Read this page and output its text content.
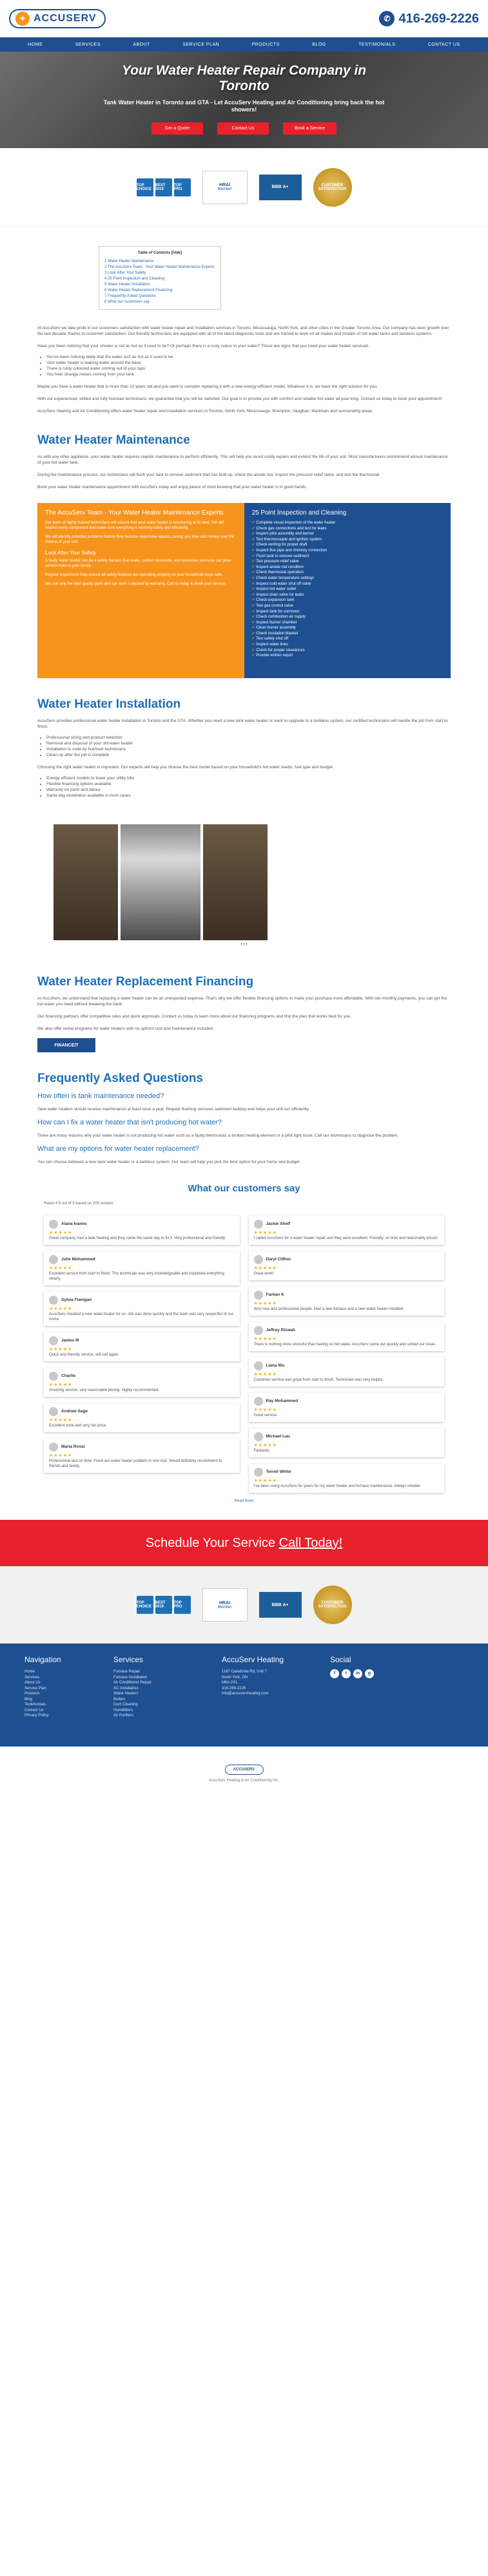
✦ ACCUSERV	✆ 416-269-2226
HOME	SERVICES	ABOUT	SERVICE PLAN	PRODUCTS	BLOG	TESTIMONIALS	CONTACT US
Your Water Heater Repair Company in Toronto

Tank Water Heater in Toronto and GTA - Let AccuServ Heating and Air Conditioning bring back the hot showers!

Get a Quote	Contact Us	Book a Service
TOP CHOICE
BEST 2019
TOP PRO
HRAI
Member	BBB A+	CUSTOMER SATISFACTION
Table of Contents [hide]
1 Water Heater Maintenance
2 The AccuServ Team - Your Water Heater Maintenance Experts
3 Look After Your Safety
4 25 Point Inspection and Cleaning
5 Water Heater Installation
6 Water Heater Replacement Financing
7 Frequently Asked Questions
8 What our customers say

At AccuServ we take pride in our customers satisfaction with water heater repair and installation services in Toronto, Mississauga, North York, and other cities in the Greater Toronto Area. Our company has seen growth over the last decade, thanks to customer satisfaction. Our friendly technicians are equipped with all of the latest diagnostic tools and are trained to work on all makes and models of hot water tanks and tankless systems.

Have you been noticing that your shower is not as hot as it used to be? Or perhaps there is a rusty colour in your water? These are signs that you need your water heater serviced.

• You've been noticing lately that the water isn't as hot as it used to be
• Your water heater is leaking water around the base
• There is rusty coloured water coming out of your taps
• You hear strange noises coming from your tank

Maybe you have a water heater that is more than 10 years old and you want to consider replacing it with a new energy-efficient model. Whatever it is, we have the right solution for you.

With our experienced, skilled and fully licensed technicians, we guarantee that you will be satisfied. Our goal is to provide you with comfort and reliable hot water all year long. Contact us today to book your appointment!

AccuServ Heating and Air Conditioning offers water heater repair and installation services in Toronto, North York, Mississauga, Brampton, Vaughan, Markham and surrounding areas.

Water Heater Maintenance

As with any other appliance, your water heater requires regular maintenance to perform efficiently. This will help you avoid costly repairs and extend the life of your unit. Most manufacturers recommend annual maintenance of your hot water tank.

During the maintenance process, our technicians will flush your tank to remove sediment that has built up, check the anode rod, inspect the pressure relief valve, and test the thermostat.

Book your water heater maintenance appointment with AccuServ today and enjoy peace of mind knowing that your water heater is in good hands.

The AccuServ Team - Your Water Heater Maintenance Experts

Our team of highly trained technicians will ensure that your water heater is functioning at its best. We will inspect every component and make sure everything is working safely and efficiently.

We will identify potential problems before they become expensive repairs, saving you time and money over the lifetime of your unit.

Look After Your Safety

A faulty water heater can be a safety hazard. Gas leaks, carbon monoxide, and excessive pressure can pose serious risks to your family.

Regular inspections help ensure all safety features are operating properly so your household stays safe.

We use only the best quality parts and our work is backed by warranty. Call us today to book your service.

25 Point Inspection and Cleaning
✔ Complete visual inspection of the water heater
✔ Check gas connections and test for leaks
✔ Inspect pilot assembly and burner
✔ Test thermocouple and ignition system
✔ Check venting for proper draft
✔ Inspect flue pipe and chimney connection
✔ Flush tank to remove sediment
✔ Test pressure relief valve
✔ Inspect anode rod condition
✔ Check thermostat operation
✔ Check water temperature settings
✔ Inspect cold water shut off valve
✔ Inspect hot water outlet
✔ Inspect drain valve for leaks
✔ Check expansion tank
✔ Test gas control valve
✔ Inspect tank for corrosion
✔ Check combustion air supply
✔ Inspect burner chamber
✔ Clean burner assembly
✔ Check insulation blanket
✔ Test safety shut off
✔ Inspect water lines
✔ Check for proper clearances
✔ Provide written report
Water Heater Installation

AccuServ provides professional water heater installation in Toronto and the GTA. Whether you need a new tank water heater or want to upgrade to a tankless system, our certified technicians will handle the job from start to finish.

• Professional sizing and product selection
• Removal and disposal of your old water heater
• Installation to code by licensed technicians
• Clean-up after the job is complete

Choosing the right water heater is important. Our experts will help you choose the best model based on your household's hot water needs, fuel type and budget.

• Energy efficient models to lower your utility bills
• Flexible financing options available
• Warranty on parts and labour
• Same day installation available in most cases
• • •
Water Heater Replacement Financing

At AccuServ, we understand that replacing a water heater can be an unexpected expense. That's why we offer flexible financing options to make your purchase more affordable. With low monthly payments, you can get the hot water you need without breaking the bank.

Our financing partners offer competitive rates and quick approvals. Contact us today to learn more about our financing programs and find the plan that works best for you.

We also offer rental programs for water heaters with no upfront cost and maintenance included.

FINANCEIT
Frequently Asked Questions
How often is tank maintenance needed?

Tank water heaters should receive maintenance at least once a year. Regular flushing removes sediment buildup and helps your unit run efficiently.

How can I fix a water heater that isn't producing hot water?

There are many reasons why your water heater is not producing hot water such as a faulty thermostat, a broken heating element or a pilot light issue. Call our technicians to diagnose the problem.

What are my options for water heater replacement?

You can choose between a new tank water heater or a tankless system. Our team will help you pick the best option for your home and budget.

What our customers say
Rated 4.9 out of 5 based on 208 reviews
Alana Ivanes
★★★★★
Great company, had a tank heating and they came the same day to fix it. Very professional and friendly.
Julie Mohammed
★★★★★
Excellent service from start to finish. The technician was very knowledgeable and explained everything clearly.
Sylvia Flanigan
★★★★★
AccuServ installed a new water heater for us. Job was done quickly and the team was very respectful of our home.
James M
★★★★★
Quick and friendly service, will call again.
Charlie
★★★★★
Amazing service, very reasonable pricing. Highly recommended.
Andrew Sage
★★★★★
Excellent work and very fair price.
Maria Rossi
★★★★★
Professional and on time. Fixed our water heater problem in one visit. Would definitely recommend to friends and family.
Jackie Shelf
★★★★★
I called AccuServ for a water heater repair and they were excellent. Friendly, on time and reasonably priced.
Daryl Clifton
★★★★★
Great work!
Farhan K
★★★★★
Very nice and professional people. Had a new furnace and a new water heater installed.
Jeffrey Rizwah
★★★★★
There is nothing more stressful than having no hot water. AccuServ came out quickly and solved our issue.
Liana Wu
★★★★★
Customer service was great from start to finish. Technician was very helpful.
Ray Mohammed
★★★★★
Good service.
Michael Lau
★★★★★
Fantastic.
Terrell White
★★★★★
I've been using AccuServ for years for my water heater and furnace maintenance. Always reliable.
Read more
Schedule Your Service
Call Today!
TOP CHOICE
BEST 2019
TOP PRO
HRAI
Member	BBB A+	CUSTOMER SATISFACTION
Navigation
Home
Services
About Us
Service Plan
Products
Blog
Testimonials
Contact Us
Privacy Policy
Services
Furnace Repair
Furnace Installation
Air Conditioner Repair
AC Installation
Water Heaters
Boilers
Duct Cleaning
Humidifiers
Air Purifiers
AccuServ Heating
1167 Caledonia Rd, Unit 7
North York, ON
M6A 2X1
416-269-2226
info@accuservheating.com
Social
f	t	in	g
ACCUSERV
AccuServ Heating & Air Conditioning Inc.
